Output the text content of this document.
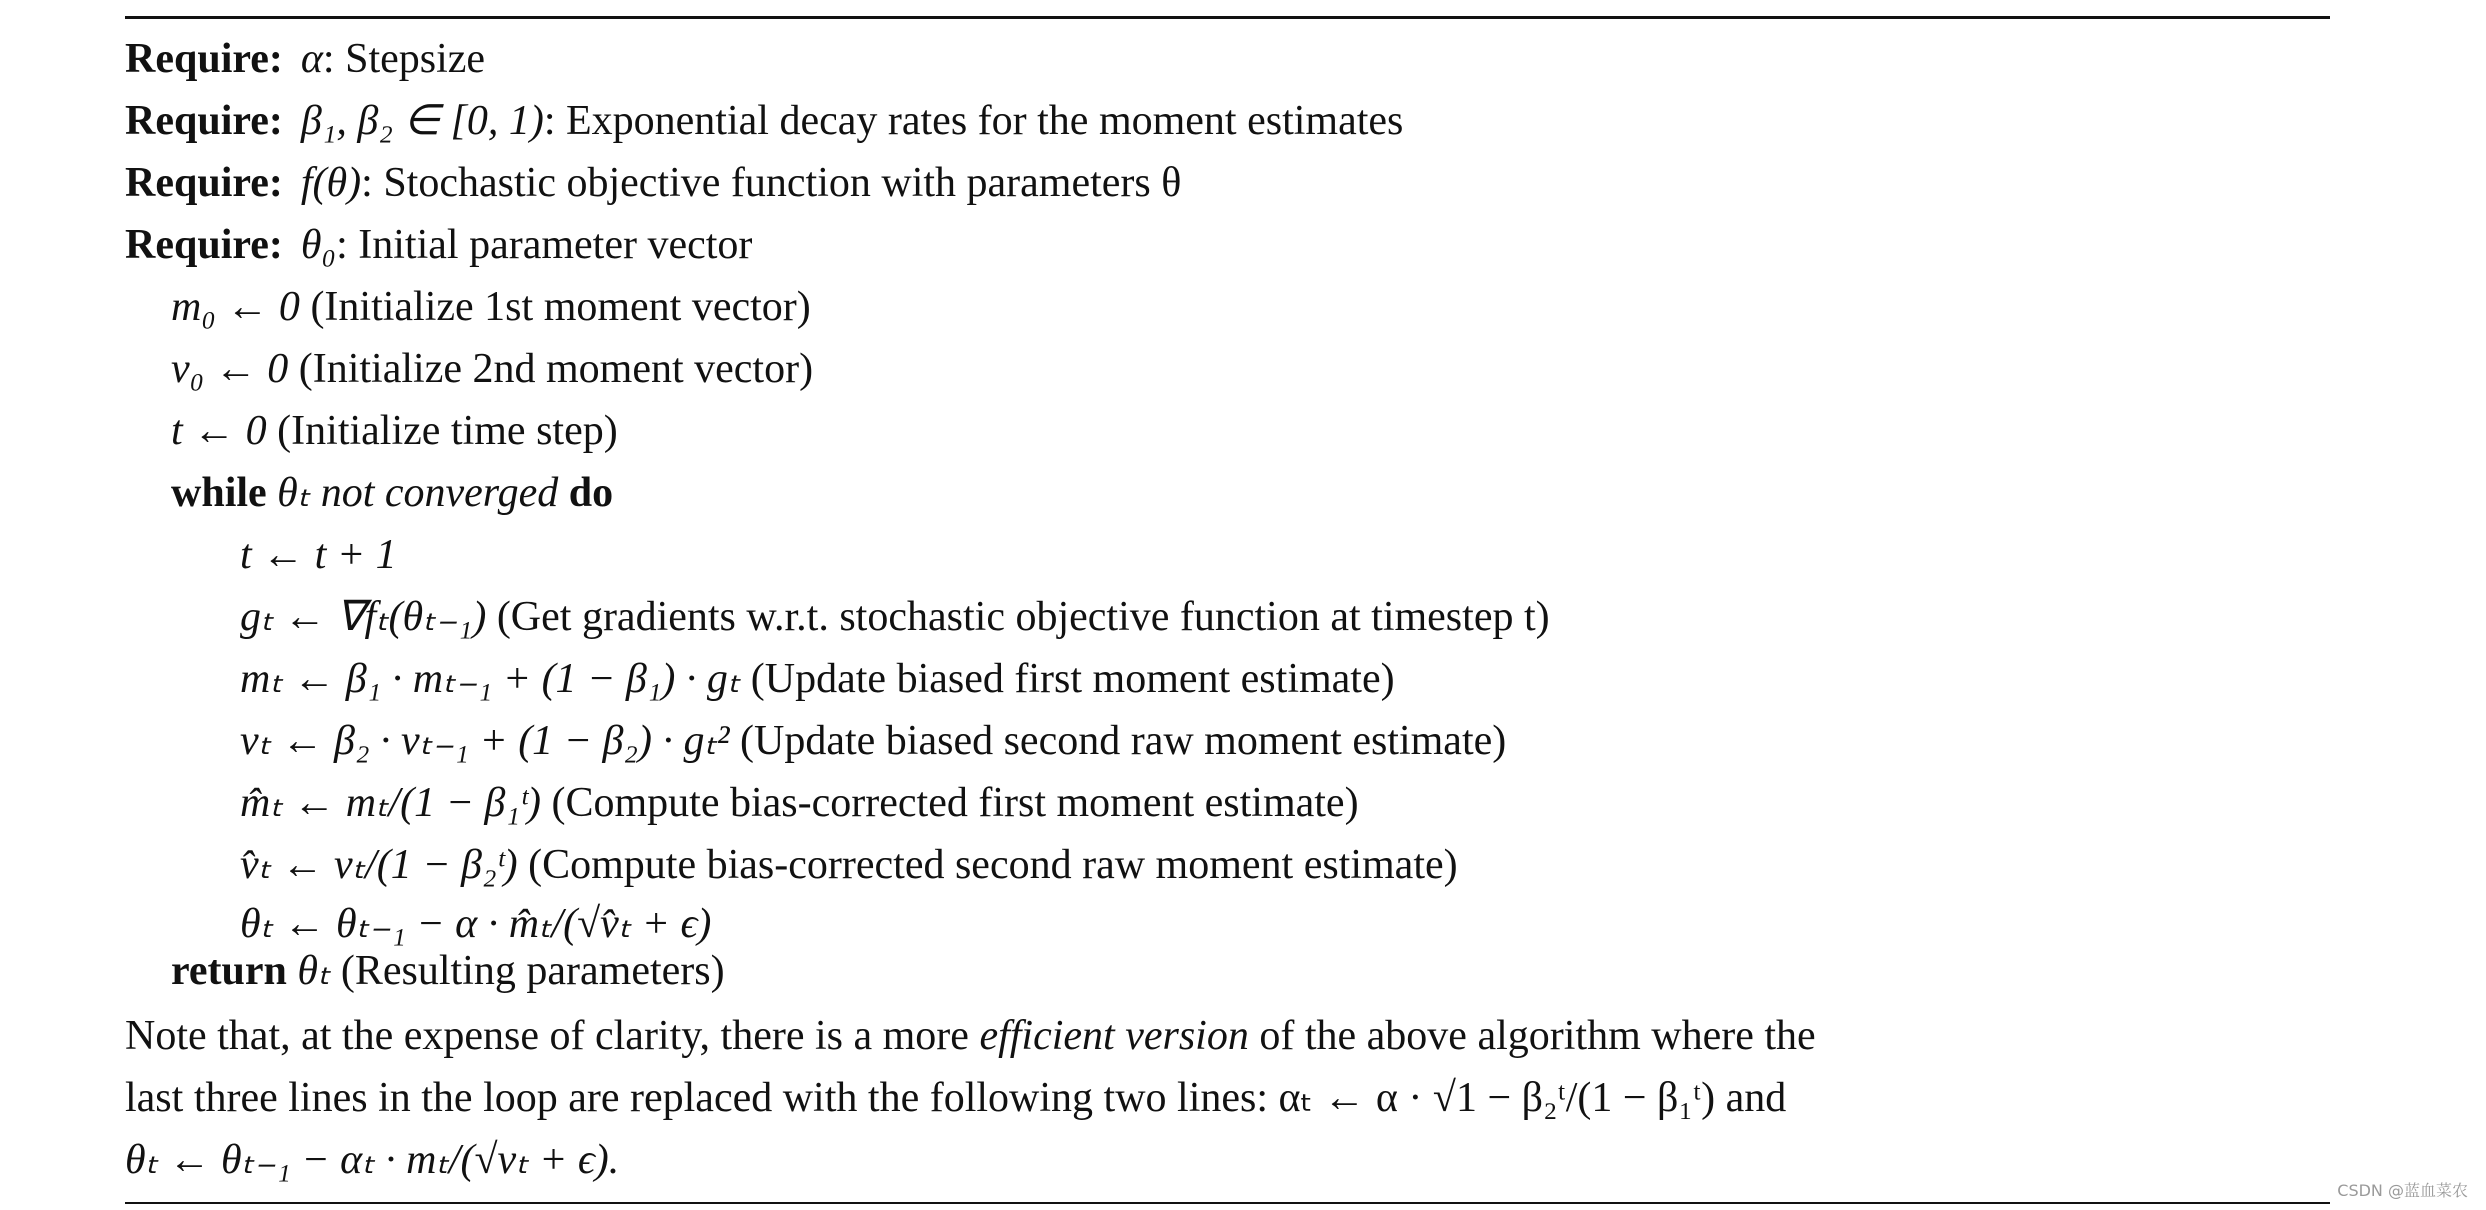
Require: α: Stepsize
Require: β₁, β₂ ∈ [0, 1): Exponential decay rates for the moment estimates
Require: f(θ): Stochastic objective function with parameters θ
Require: θ₀: Initial parameter vector
m₀ ← 0 (Initialize 1st moment vector)
v₀ ← 0 (Initialize 2nd moment vector)
t ← 0 (Initialize time step)
while θₜ not converged do
t ← t + 1
gₜ ← ∇fₜ(θₜ₋₁) (Get gradients w.r.t. stochastic objective function at timestep t)
mₜ ← β₁ · mₜ₋₁ + (1 − β₁) · gₜ (Update biased first moment estimate)
vₜ ← β₂ · vₜ₋₁ + (1 − β₂) · gₜ² (Update biased second raw moment estimate)
m̂ₜ ← mₜ/(1 − β₁ᵗ) (Compute bias-corrected first moment estimate)
v̂ₜ ← vₜ/(1 − β₂ᵗ) (Compute bias-corrected second raw moment estimate)
θₜ ← θₜ₋₁ − α · m̂ₜ/(√v̂ₜ + ϵ)
return θₜ (Resulting parameters)
Note that, at the expense of clarity, there is a more efficient version of the above algorithm where the
last three lines in the loop are replaced with the following two lines: αₜ ← α · √1 − β₂ᵗ/(1 − β₁ᵗ) and
θₜ ← θₜ₋₁ − αₜ · mₜ/(√vₜ + ϵ).
CSDN @蓝血菜农
